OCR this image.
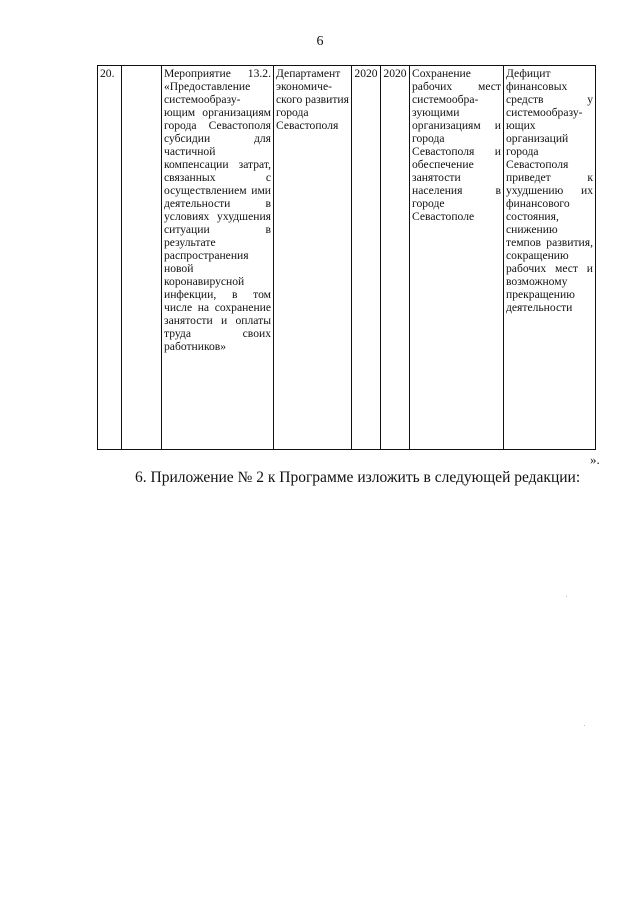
6
20.		Мероприятие 13.2. «Предоставление системообразу-ющим организациям города Севастополя субсидии для частичной компенсации затрат, связанных с осуществлением ими деятельности в условиях ухудшения ситуации в результате распространения новой коронавирусной инфекции, в том числе на сохранение занятости и оплаты труда своих работников»	Департамент экономиче-ского развития города Севастополя	2020	2020	Сохранение рабочих мест системообра-зующими организациям и города Севастополя и обеспечение занятости населения в городе Севастополе	Дефицит финансовых средств у системообразу-ющих организаций города Севастополя приведет к ухудшению их финансового состояния, снижению темпов развития, сокращению рабочих мест и возможному прекращению деятельности
».
6. Приложение № 2 к Программе изложить в следующей редакции:
